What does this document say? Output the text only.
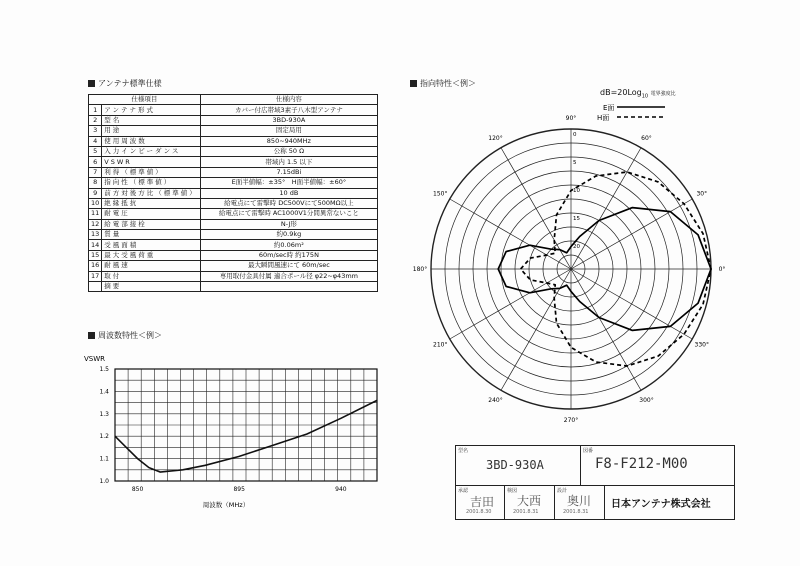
アンテナ標準仕様
仕様項目		仕様内容
1	アンテナ形式	カバー付広帯域3素子八木型アンテナ
2	型名	3BD-930A
3	用途	固定局用
4	使用周波数	850~940MHz
5	入力インピーダンス	公称 50 Ω
6	VSWR	帯域内 1.5 以下
7	利得（標準値）	7.15dBi
8	指向性（標準値）	E面半値幅：±35°　H面半値幅：±60°
9	前方対後方比（標準値）	10 dB
10	絶縁抵抗	給電点にて雷撃時 DC500Vにて500MΩ以上
11	耐電圧	給電点にて雷撃時 AC1000V1分間異常ないこと
12	給電部接栓	N-J形
13	質量	約0.9kg
14	受風面積	約0.06m²
15	最大受風荷重	60m/sec時 約175N
16	耐風速	最大瞬間風速にて 60m/sec
17	取付	専用取付金具付属 適合ポール径 φ22~φ43mm
	摘要	
周波数特性＜例＞
1.0
1.1
1.2
1.3
1.4
1.5
850	895	940
VSWR
周波数（MHz）
指向特性＜例＞
dB=20Log$_{10}$ 電界強度比
0
5
10
15
20
0°
30°
60°
90°
120°
150°
180°
210°
240°
270°
300°
330°
E面
H面
型名
3BD-930A
図番
F8-F212-M00
承認
吉田
2001.8.30
検図
大西
2001.8.31
設計
奥川
2001.8.31
日本アンテナ株式会社
